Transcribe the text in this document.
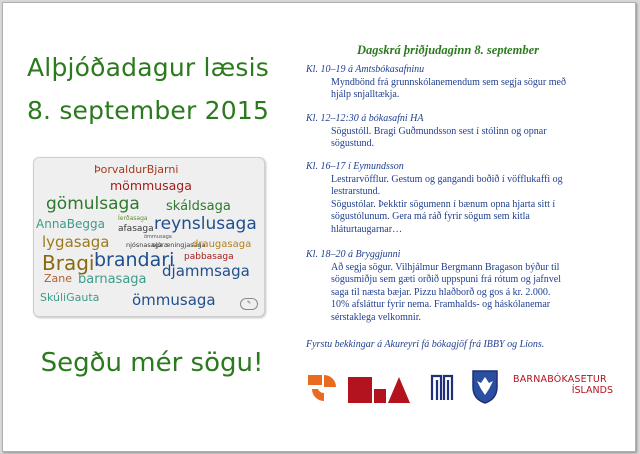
Alþjóðadagur læsis
8. september 2015
ÞorvaldurBjarni
mömmusaga
gömulsaga skáldsaga
AnnaBegga Íerðasaga reynslusaga
lygasaga
afasaga
ömmusaga
njósnasaga
sjóræningjasaga
draugasaga
Bragi brandari pabbasaga
Zane barnasaga djammsaga
SkúliGauta ömmusaga	✎
Segðu mér sögu!
Dagskrá þriðjudaginn 8. september
Kl. 10–19 á Amtsbókasafninu
Myndbönd frá grunnskólanemendum sem segja sögur með
hjálp snjalltækja.
Kl. 12–12:30 á bókasafni HA
Sögustóll. Bragi Guðmundsson sest í stólinn og opnar
sögustund.
Kl. 16–17 í Eymundsson
Lestrarvöfflur. Gestum og gangandi boðið í vöfflukaffi og
lestrarstund.
Sögustólar. Þekktir sögumenn í bænum opna hjarta sitt í
sögustólunum. Gera má ráð fyrir sögum sem kitla
hláturtaugarnar…
Kl. 18–20 á Bryggjunni
Að segja sögur. Vilhjálmur Bergmann Bragason býður til
sögusmiðju sem gæti orðið uppspuni frá rótum og jafnvel
saga til næsta bæjar. Pizzu hlaðborð og gos á kr. 2.000.
10% afsláttur fyrir nema. Framhalds- og háskólanemar
sérstaklega velkomnir.
Fyrstu bekkingar á Akureyri fá bókagjöf frá IBBY og Lions.
BARNABÓKASETUR
ÍSLANDS
